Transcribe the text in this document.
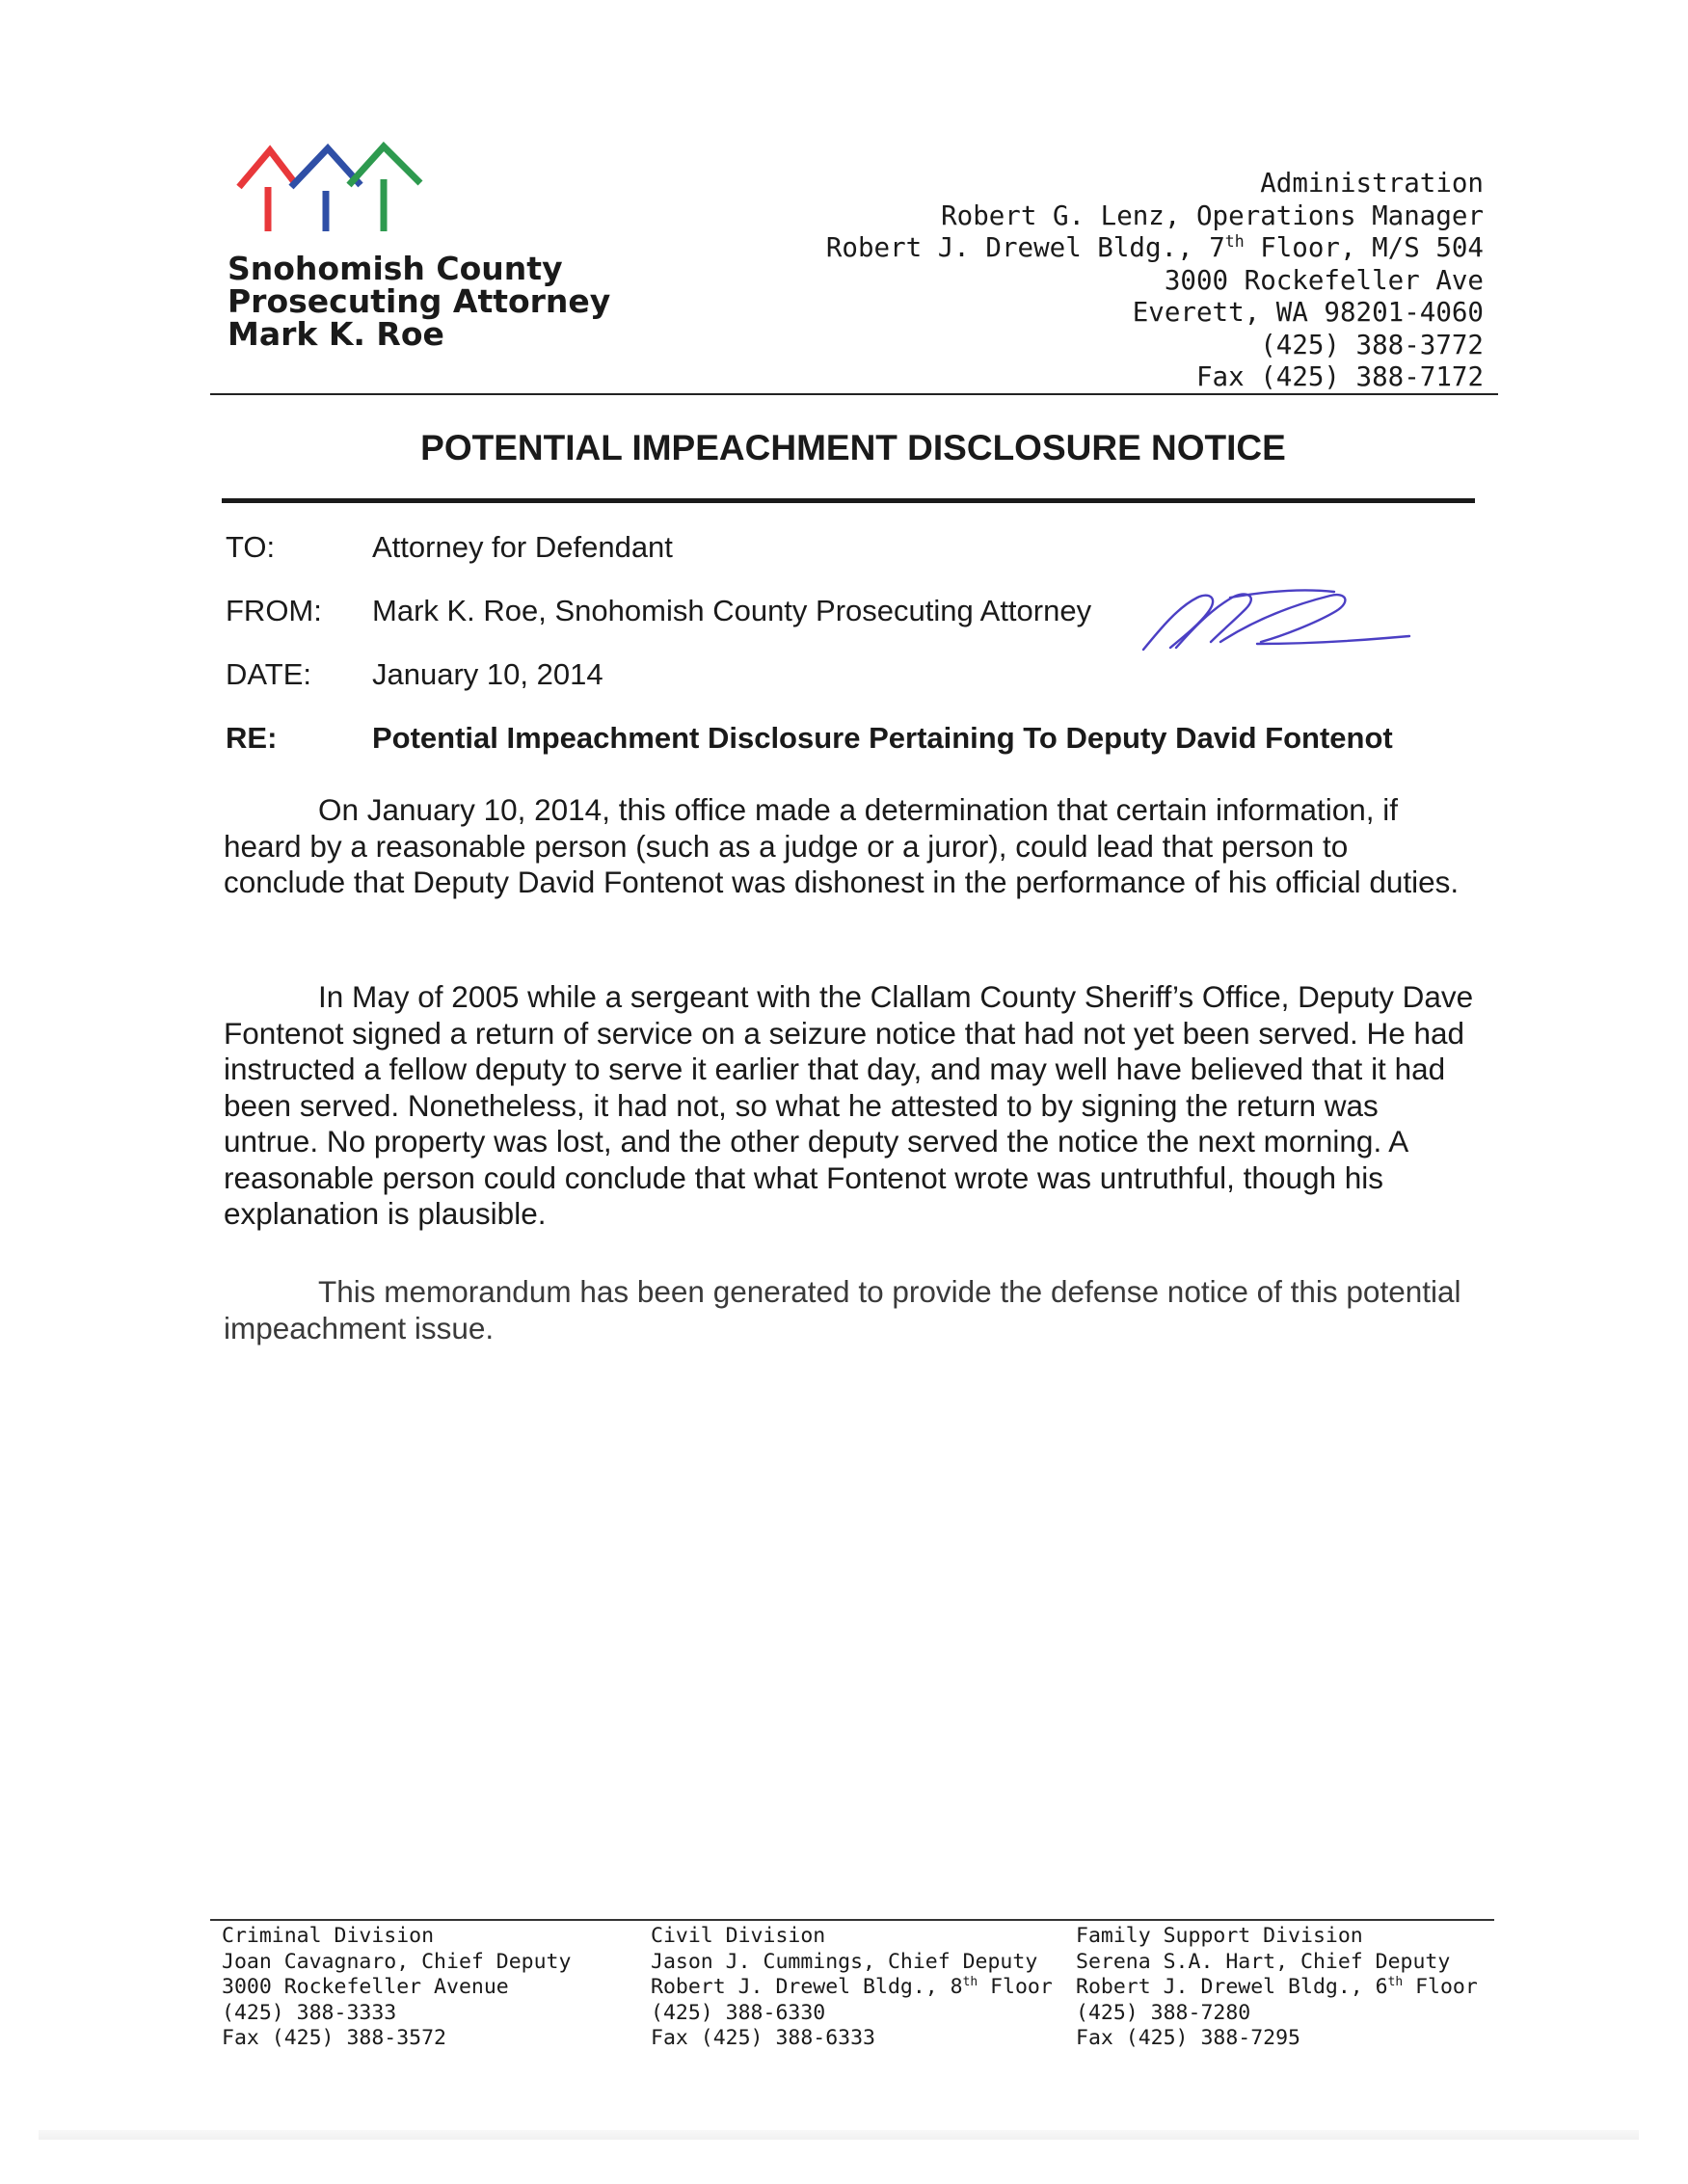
Snohomish County
Prosecuting Attorney
Mark K. Roe
Administration
Robert G. Lenz, Operations Manager
Robert J. Drewel Bldg., 7th Floor, M/S 504
3000 Rockefeller Ave
Everett, WA 98201-4060
(425) 388-3772
Fax (425) 388-7172
POTENTIAL IMPEACHMENT DISCLOSURE NOTICE
TO:	Attorney for Defendant
FROM: Mark K. Roe, Snohomish County Prosecuting Attorney
DATE: January 10, 2014
RE:	Potential Impeachment Disclosure Pertaining To Deputy David Fontenot

On January 10, 2014, this office made a determination that certain information, if heard by a reasonable person (such as a judge or a juror), could lead that person to conclude that Deputy David Fontenot was dishonest in the performance of his official duties.

In May of 2005 while a sergeant with the Clallam County Sheriff’s Office, Deputy Dave Fontenot signed a return of service on a seizure notice that had not yet been served. He had instructed a fellow deputy to serve it earlier that day, and may well have believed that it had been served. Nonetheless, it had not, so what he attested to by signing the return was untrue. No property was lost, and the other deputy served the notice the next morning. A reasonable person could conclude that what Fontenot wrote was untruthful, though his explanation is plausible.

This memorandum has been generated to provide the defense notice of this potential impeachment issue.

Criminal Division
Joan Cavagnaro, Chief Deputy
3000 Rockefeller Avenue
(425) 388-3333
Fax (425) 388-3572
Civil Division
Jason J. Cummings, Chief Deputy
Robert J. Drewel Bldg., 8th Floor
(425) 388-6330
Fax (425) 388-6333
Family Support Division
Serena S.A. Hart, Chief Deputy
Robert J. Drewel Bldg., 6th Floor
(425) 388-7280
Fax (425) 388-7295
